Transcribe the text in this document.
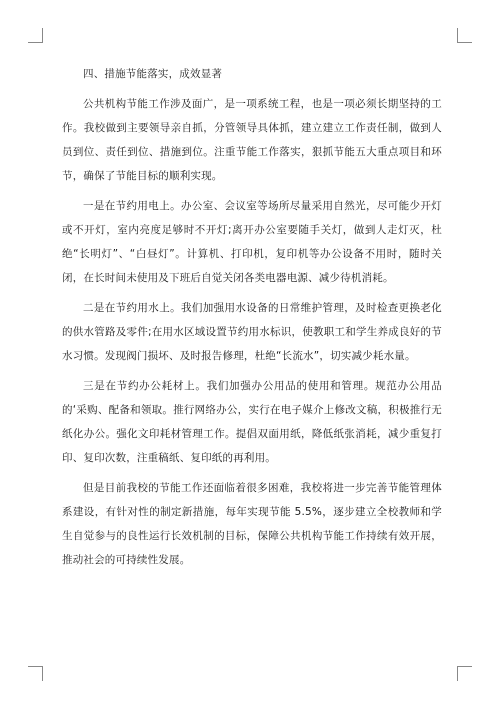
四、措施节能落实，成效显著

公共机构节能工作涉及面广，是一项系统工程，也是一项必须长期坚持的工作。我校做到主要领导亲自抓，分管领导具体抓，建立建立工作责任制，做到人员到位、责任到位、措施到位。注重节能工作落实，狠抓节能五大重点项目和环节，确保了节能目标的顺利实现。

一是在节约用电上。办公室、会议室等场所尽量采用自然光，尽可能少开灯或不开灯，室内亮度足够时不开灯;离开办公室要随手关灯，做到人走灯灭，杜绝“长明灯”、“白昼灯”。计算机、打印机，复印机等办公设备不用时，随时关闭，在长时间未使用及下班后自觉关闭各类电器电源、减少待机消耗。

二是在节约用水上。我们加强用水设备的日常维护管理，及时检查更换老化的供水管路及零件;在用水区域设置节约用水标识，使教职工和学生养成良好的节水习惯。发现阀门损坏、及时报告修理，杜绝“长流水”，切实减少耗水量。

三是在节约办公耗材上。我们加强办公用品的使用和管理。规范办公用品的‘采购、配备和领取。推行网络办公，实行在电子媒介上修改文稿，积极推行无纸化办公。强化文印耗材管理工作。提倡双面用纸，降低纸张消耗，减少重复打印、复印次数，注重稿纸、复印纸的再利用。

但是目前我校的节能工作还面临着很多困难，我校将进一步完善节能管理体系建设，有针对性的制定新措施，每年实现节能 5.5%，逐步建立全校教师和学生自觉参与的良性运行长效机制的目标，保障公共机构节能工作持续有效开展，推动社会的可持续性发展。
